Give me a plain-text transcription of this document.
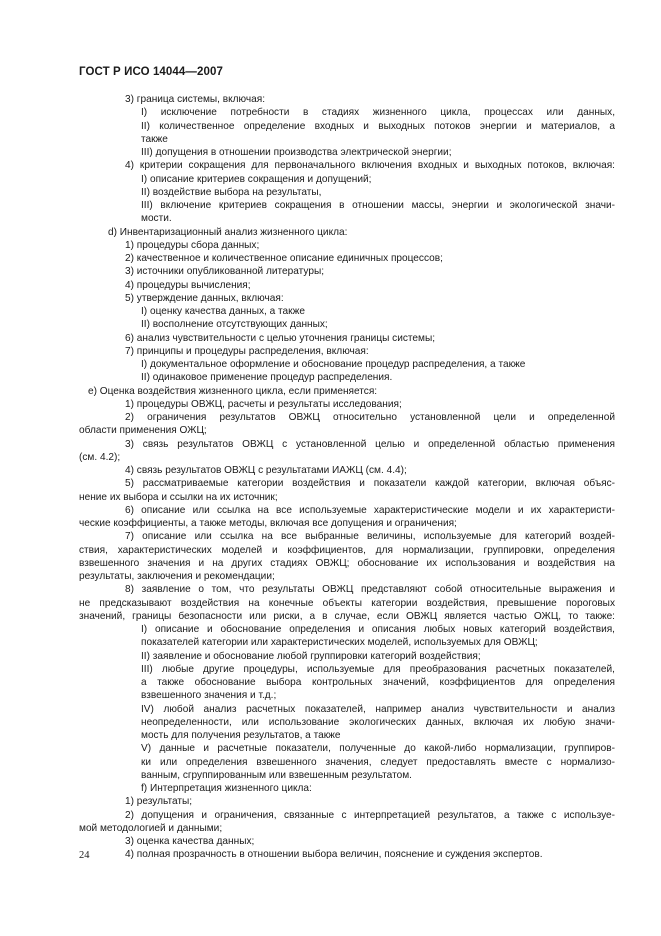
ГОСТ Р ИСО 14044—2007
3) граница системы, включая:
I) исключение потребности в стадиях жизненного цикла, процессах или данных,
II) количественное определение входных и выходных потоков энергии и материалов, а
также
III) допущения в отношении производства электрической энергии;
4) критерии сокращения для первоначального включения входных и выходных потоков, включая:
I) описание критериев сокращения и допущений;
II) воздействие выбора на результаты,
III) включение критериев сокращения в отношении массы, энергии и экологической значи-
мости.
d) Инвентаризационный анализ жизненного цикла:
1) процедуры сбора данных;
2) качественное и количественное описание единичных процессов;
3) источники опубликованной литературы;
4) процедуры вычисления;
5) утверждение данных, включая:
I) оценку качества данных, а также
II) восполнение отсутствующих данных;
6) анализ чувствительности с целью уточнения границы системы;
7) принципы и процедуры распределения, включая:
I) документальное оформление и обоснование процедур распределения, а также
II) одинаковое применение процедур распределения.
e) Оценка воздействия жизненного цикла, если применяется:
1) процедуры ОВЖЦ, расчеты и результаты исследования;
2) ограничения результатов ОВЖЦ относительно установленной цели и определенной
области применения ОЖЦ;
3) связь результатов ОВЖЦ с установленной целью и определенной областью применения
(см. 4.2);
4) связь результатов ОВЖЦ с результатами ИАЖЦ (см. 4.4);
5) рассматриваемые категории воздействия и показатели каждой категории, включая объяс-
нение их выбора и ссылки на их источник;
6) описание или ссылка на все используемые характеристические модели и их характеристи-
ческие коэффициенты, а также методы, включая все допущения и ограничения;
7) описание или ссылка на все выбранные величины, используемые для категорий воздей-
ствия, характеристических моделей и коэффициентов, для нормализации, группировки, определения
взвешенного значения и на других стадиях ОВЖЦ; обоснование их использования и воздействия на
результаты, заключения и рекомендации;
8) заявление о том, что результаты ОВЖЦ представляют собой относительные выражения и
не предсказывают воздействия на конечные объекты категории воздействия, превышение пороговых
значений, границы безопасности или риски, а в случае, если ОВЖЦ является частью ОЖЦ, то также:
I) описание и обоснование определения и описания любых новых категорий воздействия,
показателей категории или характеристических моделей, используемых для ОВЖЦ;
II) заявление и обоснование любой группировки категорий воздействия;
III) любые другие процедуры, используемые для преобразования расчетных показателей,
а также обоснование выбора контрольных значений, коэффициентов для определения
взвешенного значения и т.д.;
IV) любой анализ расчетных показателей, например анализ чувствительности и анализ
неопределенности, или использование экологических данных, включая их любую значи-
мость для получения результатов, а также
V) данные и расчетные показатели, полученные до какой-либо нормализации, группиров-
ки или определения взвешенного значения, следует предоставлять вместе с нормализо-
ванным, сгруппированным или взвешенным результатом.
f) Интерпретация жизненного цикла:
1) результаты;
2) допущения и ограничения, связанные с интерпретацией результатов, а также с используе-
мой методологией и данными;
3) оценка качества данных;
4) полная прозрачность в отношении выбора величин, пояснение и суждения экспертов.
24
